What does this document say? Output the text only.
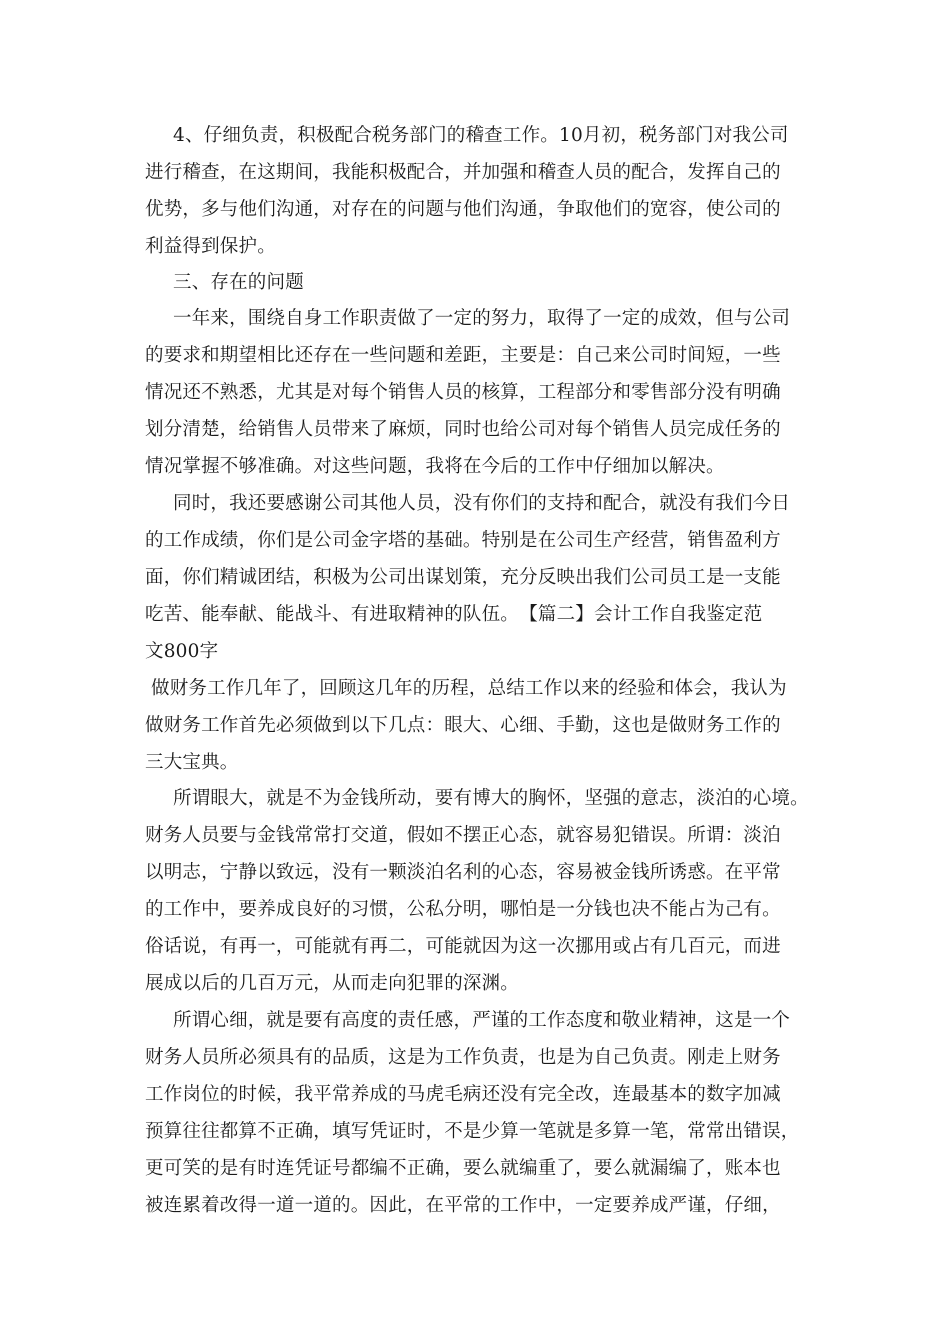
4、仔细负责，积极配合税务部门的稽查工作。10月初，税务部门对我公司
进行稽查，在这期间，我能积极配合，并加强和稽查人员的配合，发挥自己的
优势，多与他们沟通，对存在的问题与他们沟通，争取他们的宽容，使公司的
利益得到保护。
三、存在的问题
一年来，围绕自身工作职责做了一定的努力，取得了一定的成效，但与公司
的要求和期望相比还存在一些问题和差距，主要是：自己来公司时间短，一些
情况还不熟悉，尤其是对每个销售人员的核算，工程部分和零售部分没有明确
划分清楚，给销售人员带来了麻烦，同时也给公司对每个销售人员完成任务的
情况掌握不够准确。对这些问题，我将在今后的工作中仔细加以解决。
同时，我还要感谢公司其他人员，没有你们的支持和配合，就没有我们今日
的工作成绩，你们是公司金字塔的基础。特别是在公司生产经营，销售盈利方
面，你们精诚团结，积极为公司出谋划策，充分反映出我们公司员工是一支能
吃苦、能奉献、能战斗、有进取精神的队伍。　【篇二】会计工作自我鉴定范
文800字
做财务工作几年了，回顾这几年的历程，总结工作以来的经验和体会，我认为
做财务工作首先必须做到以下几点：眼大、心细、手勤，这也是做财务工作的
三大宝典。
所谓眼大，就是不为金钱所动，要有博大的胸怀，坚强的意志，淡泊的心境。
财务人员要与金钱常常打交道，假如不摆正心态，就容易犯错误。所谓：淡泊
以明志，宁静以致远，没有一颗淡泊名利的心态，容易被金钱所诱惑。在平常
的工作中，要养成良好的习惯，公私分明，哪怕是一分钱也决不能占为己有。
俗话说，有再一，可能就有再二，可能就因为这一次挪用或占有几百元，而进
展成以后的几百万元，从而走向犯罪的深渊。
所谓心细，就是要有高度的责任感，严谨的工作态度和敬业精神，这是一个
财务人员所必须具有的品质，这是为工作负责，也是为自己负责。刚走上财务
工作岗位的时候，我平常养成的马虎毛病还没有完全改，连最基本的数字加减
预算往往都算不正确，填写凭证时，不是少算一笔就是多算一笔，常常出错误，
更可笑的是有时连凭证号都编不正确，要么就编重了，要么就漏编了，账本也
被连累着改得一道一道的。因此，在平常的工作中，一定要养成严谨，仔细，
